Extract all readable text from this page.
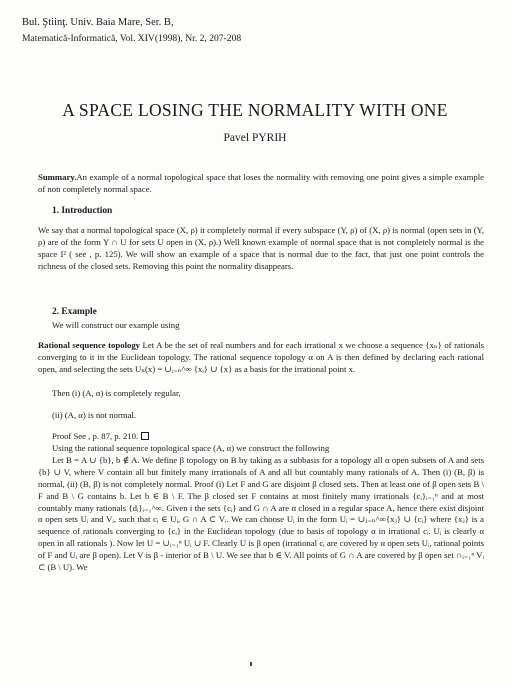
Bul. Ştiinţ. Univ. Baia Mare, Ser. B,
Matematică-Informatică, Vol. XIV(1998), Nr. 2, 207-208
A SPACE LOSING THE NORMALITY WITH ONE
Pavel PYRIH

Summary.An example of a normal topological space that loses the normality with removing one point gives a simple example of non completely normal space.

1. Introduction

We say that a normal topological space (X, ρ) it completely normal if every subspace (Y, ρ) of (X, ρ) is normal (open sets in (Y, ρ) are of the form Y ∩ U for sets U open in (X, ρ).) Well known example of normal space that is not completely normal is the space I² ( see , p. 125). We will show an example of a space that is normal due to the fact, that just one point controls the richness of the closed sets. Removing this point the normality disappears.

2. Example
We will construct our example using

Rational sequence topology Let A be the set of real numbers and for each irrational x we choose a sequence {xₙ} of rationals converging to it in the Euclidean topology. The rational sequence topology α on A is then defined by declaring each rational open, and selecting the sets Uₙ(x) = ∪ᵢ₌ₙ^∞ {xᵢ} ∪ {x} as a basis for the irrational point x.

Then (i) (A, α) is completely regular,
(ii) (A, α) is not normal.
Proof See , p. 87, p. 210.

Using the rational sequence topological space (A, α) we construct the following

Let B = A ∪ {b}, b ∉ A. We define β topology on B by taking as a subbasis for a topology all α open subsets of A and sets {b} ∪ V, where V contain all but finitely many irrationals of A and all but countably many rationals of A. Then (i) (B, β) is normal, (ii) (B, β) is not completely normal. Proof (i) Let F and G are disjoint β closed sets. Then at least one of β open sets B \ F and B \ G contains b. Let b ∈ B \ F. The β closed set F contains at most finitely many irrationals {cᵢ}ᵢ₌₁ⁿ and at most countably many rationals {dᵢ}ᵢ₌₁^∞. Given i the sets {cᵢ} and G ∩ A are α closed in a regular space A, hence there exist disjoint α open sets Uᵢ and Vᵢ, such that cᵢ ∈ Uᵢ, G ∩ A ⊂ Vᵢ. We can choose Uᵢ in the form Uᵢ = ∪ⱼ₌ₙ^∞{xⱼ} ∪ {cᵢ} where {xⱼ} is a sequence of rationals converging to {cᵢ} in the Euclidean topology (due to basis of topology α in irrational cᵢ. Uᵢ is clearly α open in all rationals ). Now let U = ∪ᵢ₌₁ⁿ Uᵢ ∪ F. Clearly U is β open (irrational cᵢ are covered by α open sets Uᵢ, rational points of F and Uᵢ are β open). Let V is β - interior of B \ U. We see that b ∈ V. All points of G ∩ A are covered by β open set ∩ᵢ₌₁ⁿ Vᵢ ⊂ (B \ U). We
